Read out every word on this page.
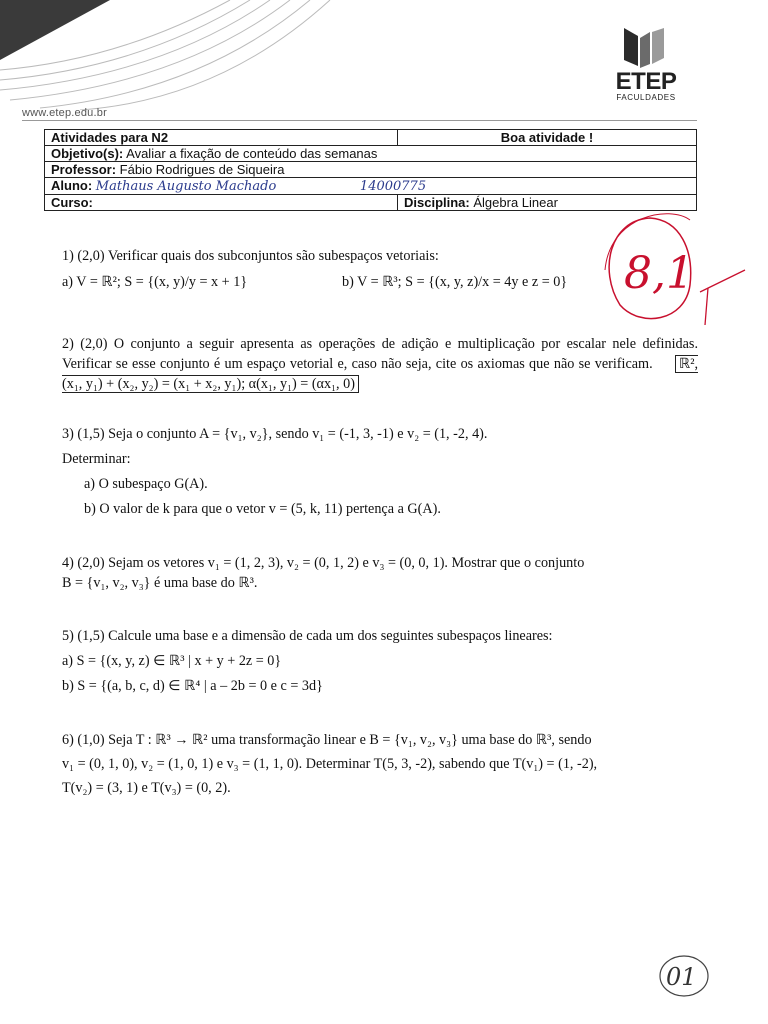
www.etep.edu.br
ETEP
FACULDADES
Atividades para N2	Boa atividade !
Objetivo(s): Avaliar a fixação de conteúdo das semanas	
Professor: Fábio Rodrigues de Siqueira	
Aluno: Mathaus Augusto Machado 14000775	
Curso:	Disciplina: Álgebra Linear
8,1
1) (2,0) Verificar quais dos subconjuntos são subespaços vetoriais:
a) V = ℝ²; S = {(x, y)/y = x + 1}	b) V = ℝ³; S = {(x, y, z)/x = 4y e z = 0}
2) (2,0) O conjunto a seguir apresenta as operações de adição e multiplicação por escalar nele definidas. Verificar se esse conjunto é um espaço vetorial e, caso não seja, cite os axiomas que não se verificam. ℝ², (x₁, y₁) + (x₂, y₂) = (x₁ + x₂, y₁); α(x₁, y₁) = (αx₁, 0)
3) (1,5) Seja o conjunto A = {v₁, v₂}, sendo v₁ = (-1, 3, -1) e v₂ = (1, -2, 4).
Determinar:
a) O subespaço G(A).
b) O valor de k para que o vetor v = (5, k, 11) pertença a G(A).
4) (2,0) Sejam os vetores v₁ = (1, 2, 3), v₂ = (0, 1, 2) e v₃ = (0, 0, 1). Mostrar que o conjunto
B = {v₁, v₂, v₃} é uma base do ℝ³.
5) (1,5) Calcule uma base e a dimensão de cada um dos seguintes subespaços lineares:
a) S = {(x, y, z) ∈ ℝ³ | x + y + 2z = 0}
b) S = {(a, b, c, d) ∈ ℝ⁴ | a – 2b = 0 e c = 3d}
6) (1,0) Seja T : ℝ³ → ℝ² uma transformação linear e B = {v₁, v₂, v₃} uma base do ℝ³, sendo
v₁ = (0, 1, 0), v₂ = (1, 0, 1) e v₃ = (1, 1, 0). Determinar T(5, 3, -2), sabendo que T(v₁) = (1, -2),
T(v₂) = (3, 1) e T(v₃) = (0, 2).
01
